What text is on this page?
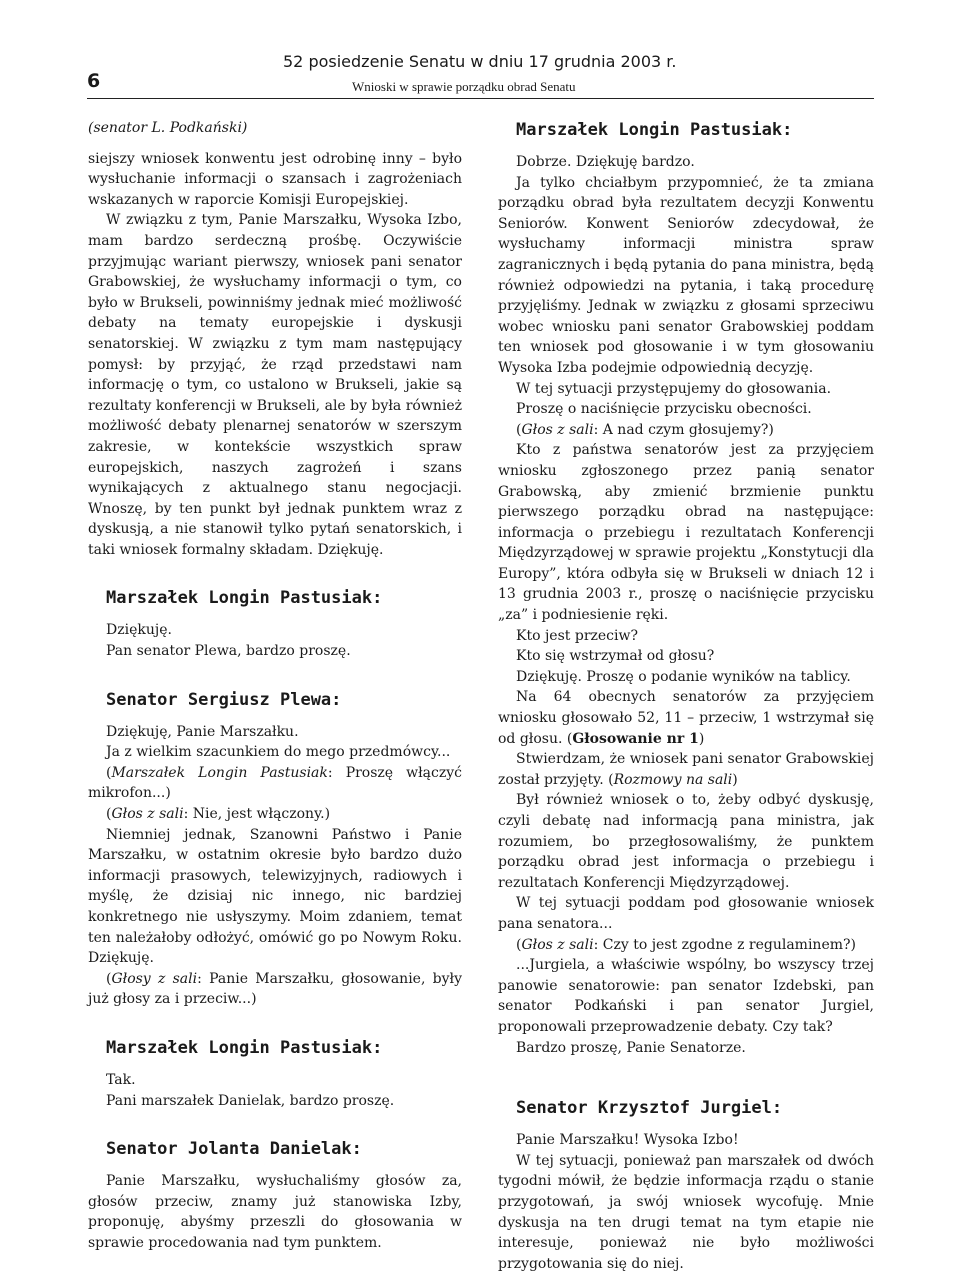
6
52 posiedzenie Senatu w dniu 17 grudnia 2003 r.
Wnioski w sprawie porządku obrad Senatu

(senator L. Podkański)

siejszy wniosek konwentu jest odrobinę inny – było wysłuchanie informacji o szansach i zagrożeniach wskazanych w raporcie Komisji Europejskiej.

W związku z tym, Panie Marszałku, Wysoka Izbo, mam bardzo serdeczną prośbę. Oczywiście przyjmując wariant pierwszy, wniosek pani senator Grabowskiej, że wysłuchamy informacji o tym, co było w Brukseli, powinniśmy jednak mieć możliwość debaty na tematy europejskie i dyskusji senatorskiej. W związku z tym mam następujący pomysł: by przyjąć, że rząd przedstawi nam informację o tym, co ustalono w Brukseli, jakie są rezultaty konferencji w Brukseli, ale by była również możliwość debaty plenarnej senatorów w szerszym zakresie, w kontekście wszystkich spraw europejskich, naszych zagrożeń i szans wynikających z aktualnego stanu negocjacji. Wnoszę, by ten punkt był jednak punktem wraz z dyskusją, a nie stanowił tylko pytań senatorskich, i taki wniosek formalny składam. Dziękuję.

Marszałek Longin Pastusiak:

Dziękuję.

Pan senator Plewa, bardzo proszę.

Senator Sergiusz Plewa:

Dziękuję, Panie Marszałku.

Ja z wielkim szacunkiem do mego przedmówcy...

(Marszałek Longin Pastusiak: Proszę włączyć mikrofon...)

(Głos z sali: Nie, jest włączony.)

Niemniej jednak, Szanowni Państwo i Panie Marszałku, w ostatnim okresie było bardzo dużo informacji prasowych, telewizyjnych, radiowych i myślę, że dzisiaj nic innego, nic bardziej konkretnego nie usłyszymy. Moim zdaniem, temat ten należałoby odłożyć, omówić go po Nowym Roku. Dziękuję.

(Głosy z sali: Panie Marszałku, głosowanie, były już głosy za i przeciw...)

Marszałek Longin Pastusiak:

Tak.

Pani marszałek Danielak, bardzo proszę.

Senator Jolanta Danielak:

Panie Marszałku, wysłuchaliśmy głosów za, głosów przeciw, znamy już stanowiska Izby, proponuję, abyśmy przeszli do głosowania w sprawie procedowania nad tym punktem.

Marszałek Longin Pastusiak:

Dobrze. Dziękuję bardzo.

Ja tylko chciałbym przypomnieć, że ta zmiana porządku obrad była rezultatem decyzji Konwentu Seniorów. Konwent Seniorów zdecydował, że wysłuchamy informacji ministra spraw zagranicznych i będą pytania do pana ministra, będą również odpowiedzi na pytania, i taką procedurę przyjęliśmy. Jednak w związku z głosami sprzeciwu wobec wniosku pani senator Grabowskiej poddam ten wniosek pod głosowanie i w tym głosowaniu Wysoka Izba podejmie odpowiednią decyzję.

W tej sytuacji przystępujemy do głosowania.

Proszę o naciśnięcie przycisku obecności.

(Głos z sali: A nad czym głosujemy?)

Kto z państwa senatorów jest za przyjęciem wniosku zgłoszonego przez panią senator Grabowską, aby zmienić brzmienie punktu pierwszego porządku obrad na następujące: informacja o przebiegu i rezultatach Konferencji Międzyrządowej w sprawie projektu „Konstytucji dla Europy”, która odbyła się w Brukseli w dniach 12 i 13 grudnia 2003 r., proszę o naciśnięcie przycisku „za” i podniesienie ręki.

Kto jest przeciw?

Kto się wstrzymał od głosu?

Dziękuję. Proszę o podanie wyników na tablicy.

Na 64 obecnych senatorów za przyjęciem wniosku głosowało 52, 11 – przeciw, 1 wstrzymał się od głosu. (Głosowanie nr 1)

Stwierdzam, że wniosek pani senator Grabowskiej został przyjęty. (Rozmowy na sali)

Był również wniosek o to, żeby odbyć dyskusję, czyli debatę nad informacją pana ministra, jak rozumiem, bo przegłosowaliśmy, że punktem porządku obrad jest informacja o przebiegu i rezultatach Konferencji Międzyrządowej.

W tej sytuacji poddam pod głosowanie wniosek pana senatora...

(Głos z sali: Czy to jest zgodne z regulaminem?)

...Jurgiela, a właściwie wspólny, bo wszyscy trzej panowie senatorowie: pan senator Izdebski, pan senator Podkański i pan senator Jurgiel, proponowali przeprowadzenie debaty. Czy tak?

Bardzo proszę, Panie Senatorze.

Senator Krzysztof Jurgiel:

Panie Marszałku! Wysoka Izbo!

W tej sytuacji, ponieważ pan marszałek od dwóch tygodni mówił, że będzie informacja rządu o stanie przygotowań, ja swój wniosek wycofuję. Mnie dyskusja na ten drugi temat na tym etapie nie interesuje, ponieważ nie było możliwości przygotowania się do niej.
